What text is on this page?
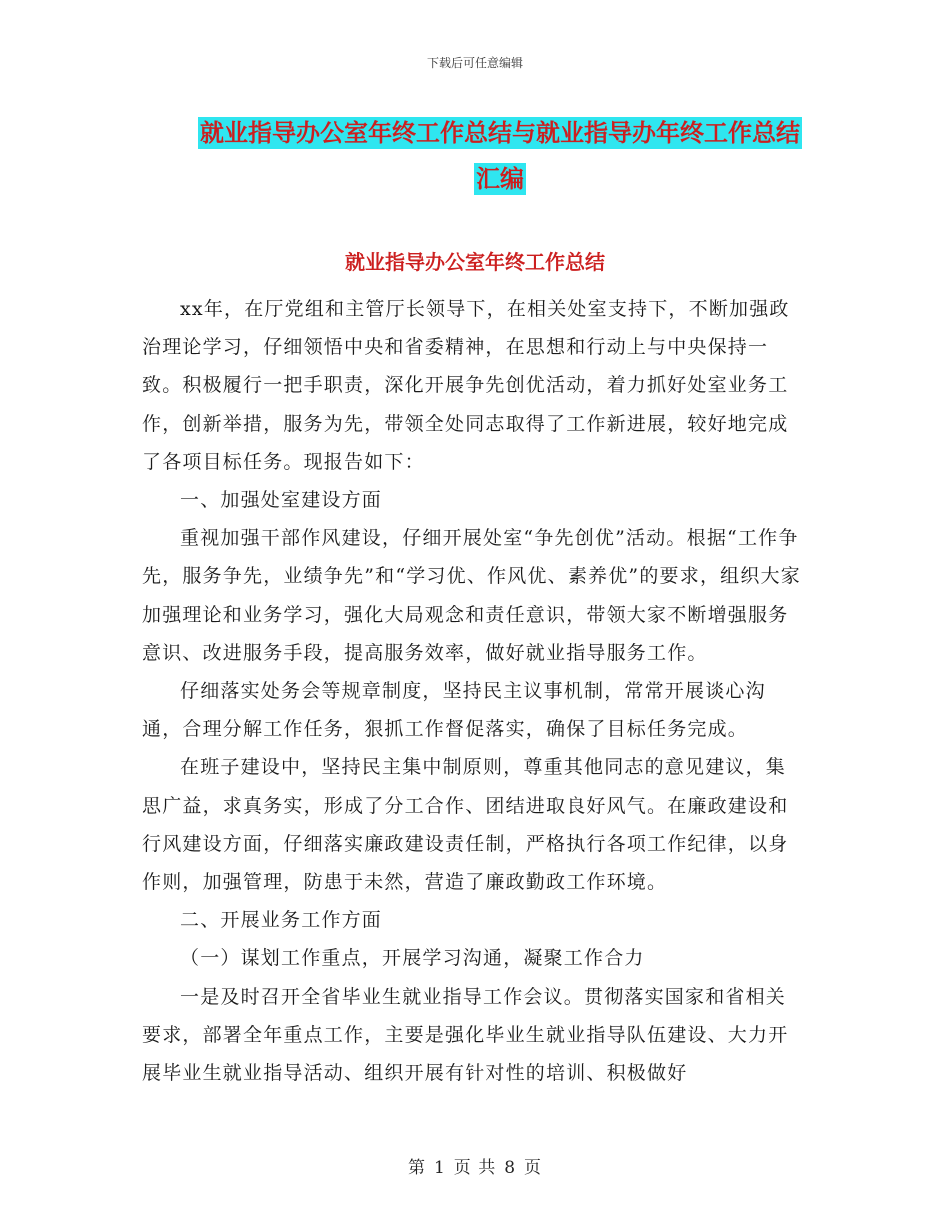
下载后可任意编辑
就业指导办公室年终工作总结与就业指导办年终工作总结汇编
就业指导办公室年终工作总结

xx年，在厅党组和主管厅长领导下，在相关处室支持下，不断加强政治理论学习，仔细领悟中央和省委精神，在思想和行动上与中央保持一致。积极履行一把手职责，深化开展争先创优活动，着力抓好处室业务工作，创新举措，服务为先，带领全处同志取得了工作新进展，较好地完成了各项目标任务。现报告如下：

一、加强处室建设方面

重视加强干部作风建设，仔细开展处室“争先创优”活动。根据“工作争先，服务争先，业绩争先”和“学习优、作风优、素养优”的要求，组织大家加强理论和业务学习，强化大局观念和责任意识，带领大家不断增强服务意识、改进服务手段，提高服务效率，做好就业指导服务工作。

仔细落实处务会等规章制度，坚持民主议事机制，常常开展谈心沟通，合理分解工作任务，狠抓工作督促落实，确保了目标任务完成。

在班子建设中，坚持民主集中制原则，尊重其他同志的意见建议，集思广益，求真务实，形成了分工合作、团结进取良好风气。在廉政建设和行风建设方面，仔细落实廉政建设责任制，严格执行各项工作纪律，以身作则，加强管理，防患于未然，营造了廉政勤政工作环境。

二、开展业务工作方面

（一）谋划工作重点，开展学习沟通，凝聚工作合力

一是及时召开全省毕业生就业指导工作会议。贯彻落实国家和省相关要求，部署全年重点工作，主要是强化毕业生就业指导队伍建设、大力开展毕业生就业指导活动、组织开展有针对性的培训、积极做好

第 1 页 共 8 页
